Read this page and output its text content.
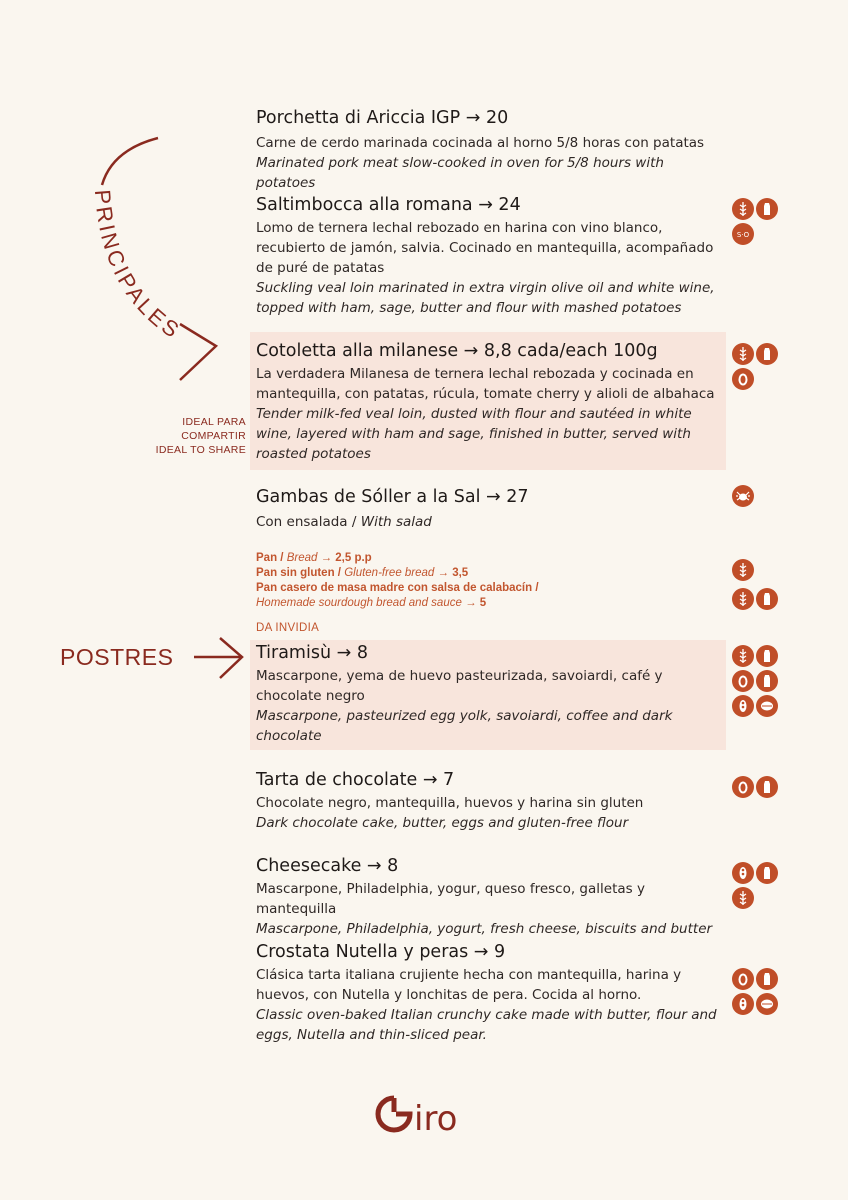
PRINCIPALES
IDEAL PARA
COMPARTIR
IDEAL TO SHARE
POSTRES
Porchetta di Ariccia IGP → 20
Carne de cerdo marinada cocinada al horno 5/8 horas con patatas
Marinated pork meat slow-cooked in oven for 5/8 hours with potatoes
Saltimbocca alla romana → 24
Lomo de ternera lechal rebozado en harina con vino blanco, recubierto de jamón, salvia. Cocinado en mantequilla, acompañado de puré de patatas
Suckling veal loin marinated in extra virgin olive oil and white wine, topped with ham, sage, butter and flour with mashed potatoes
Cotoletta alla milanese → 8,8 cada/each 100g
La verdadera Milanesa de ternera lechal rebozada y cocinada en mantequilla, con patatas, rúcula, tomate cherry y alioli de albahaca
Tender milk-fed veal loin, dusted with flour and sautéed in white wine, layered with ham and sage, finished in butter, served with roasted potatoes
Gambas de Sóller a la Sal → 27
Con ensalada / With salad
Pan / Bread → 2,5 p.p
Pan sin gluten / Gluten-free bread → 3,5
Pan casero de masa madre con salsa de calabacín /
Homemade sourdough bread and sauce → 5
DA INVIDIA
Tiramisù → 8
Mascarpone, yema de huevo pasteurizada, savoiardi, café y chocolate negro
Mascarpone, pasteurized egg yolk, savoiardi, coffee and dark chocolate
Tarta de chocolate → 7
Chocolate negro, mantequilla, huevos y harina sin gluten
Dark chocolate cake, butter, eggs and gluten-free flour
Cheesecake → 8
Mascarpone, Philadelphia, yogur, queso fresco, galletas y mantequilla
Mascarpone, Philadelphia, yogurt, fresh cheese, biscuits and butter
Crostata Nutella y peras → 9
Clásica tarta italiana crujiente hecha con mantequilla, harina y huevos, con Nutella y lonchitas de pera. Cocida al horno.
Classic oven-baked Italian crunchy cake made with butter, flour and eggs, Nutella and thin-sliced pear.

S·O

iro
